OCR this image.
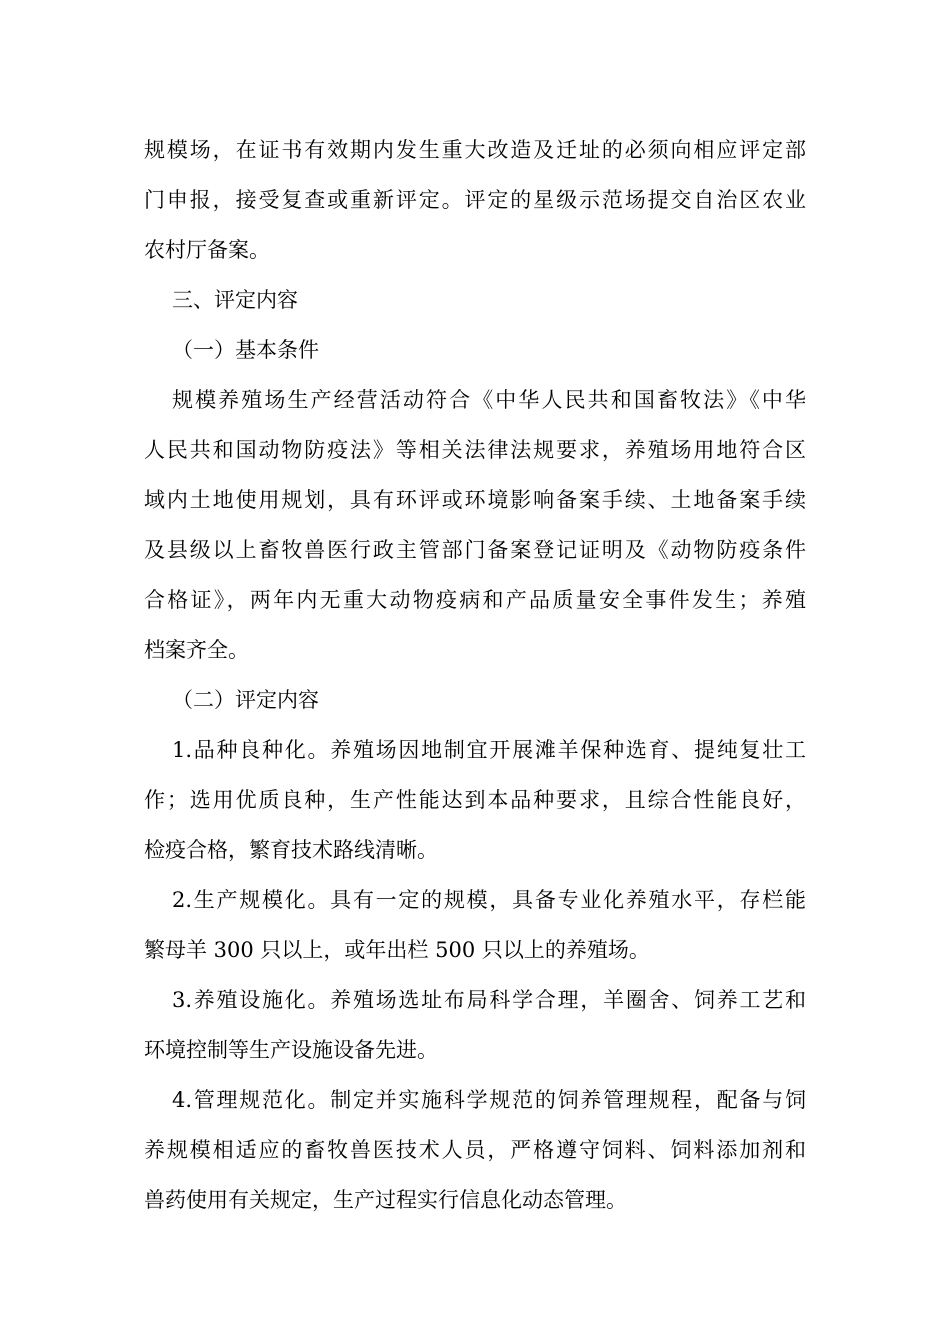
规模场，在证书有效期内发生重大改造及迁址的必须向相应评定部
门申报，接受复查或重新评定。评定的星级示范场提交自治区农业
农村厅备案。
三、评定内容
（一）基本条件
规模养殖场生产经营活动符合《中华人民共和国畜牧法》《中华
人民共和国动物防疫法》等相关法律法规要求，养殖场用地符合区
域内土地使用规划，具有环评或环境影响备案手续、土地备案手续
及县级以上畜牧兽医行政主管部门备案登记证明及《动物防疫条件
合格证》，两年内无重大动物疫病和产品质量安全事件发生；养殖
档案齐全。
（二）评定内容
1.品种良种化。养殖场因地制宜开展滩羊保种选育、提纯复壮工
作；选用优质良种，生产性能达到本品种要求，且综合性能良好，
检疫合格，繁育技术路线清晰。
2.生产规模化。具有一定的规模，具备专业化养殖水平，存栏能
繁母羊 300 只以上，或年出栏 500 只以上的养殖场。
3.养殖设施化。养殖场选址布局科学合理，羊圈舍、饲养工艺和
环境控制等生产设施设备先进。
4.管理规范化。制定并实施科学规范的饲养管理规程，配备与饲
养规模相适应的畜牧兽医技术人员，严格遵守饲料、饲料添加剂和
兽药使用有关规定，生产过程实行信息化动态管理。
